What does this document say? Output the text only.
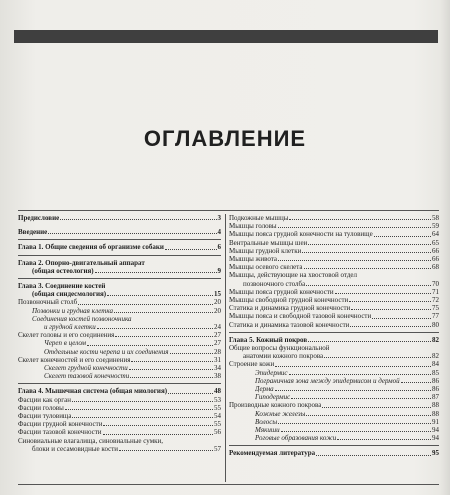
ОГЛАВЛЕНИЕ
Предисловие	3
Введение	4
Глава 1. Общие сведения об организме собаки	6
Глава 2. Опорно-двигательный аппарат
(общая остеология)	9
Глава 3. Соединение костей
(общая синдесмология)	15
Позвоночный столб	20
Позвонки и грудная клетка	20
Соединения костей позвоночника
и грудной клетки	24
Скелет головы и его соединения	27
Череп в целом	27
Отдельные кости черепа и их соединения	28
Скелет конечностей и его соединения	31
Скелет грудной конечности	34
Скелет тазовой конечности	38
Глава 4. Мышечная система (общая миология)	48
Фасции как орган	53
Фасции головы	55
Фасции туловища	54
Фасции грудной конечности	55
Фасции тазовой конечности	56
Синовиальные влагалища, синовиальные сумки,
блоки и сесамовидные кости	57
Подкожные мышцы	58
Мышцы головы	59
Мышцы пояса грудной конечности на туловище	64
Вентральные мышцы шеи	65
Мышцы грудной клетки	66
Мышцы живота	66
Мышцы осевого скелета	68
Мышцы, действующие на хвостовой отдел
позвоночного столба	70
Мышцы пояса грудной конечности	71
Мышцы свободной грудной конечности	72
Статика и динамика грудной конечности	75
Мышцы пояса и свободной тазовой конечности	77
Статика и динамика тазовой конечности	80
Глава 5. Кожный покров	82
Общие вопросы функциональной
анатомии кожного покрова	82
Строение кожи	84
Эпидермис	85
Пограничная зона между эпидермисом и дермой	86
Дерма	86
Гиподермис	87
Производные кожного покрова	88
Кожные железы	88
Волосы	91
Мякиши	94
Роговые образования кожи	94
Рекомендуемая литература	95
